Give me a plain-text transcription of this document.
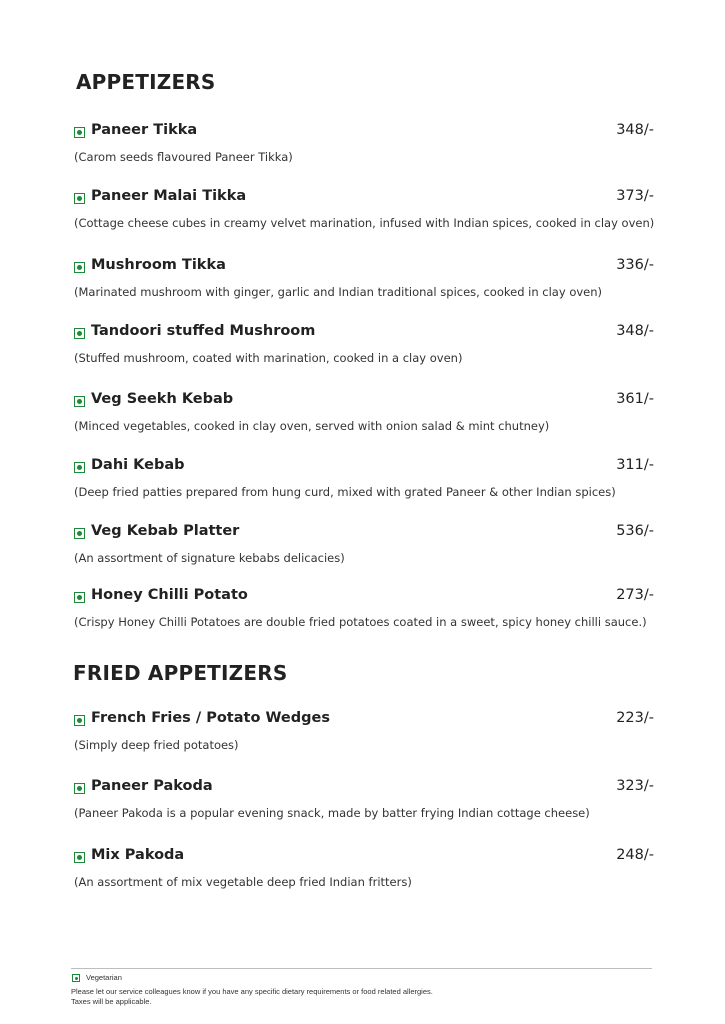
APPETIZERS
Paneer Tikka	348/-
(Carom seeds flavoured Paneer Tikka)
Paneer Malai Tikka	373/-
(Cottage cheese cubes in creamy velvet marination, infused with Indian spices, cooked in clay oven)
Mushroom Tikka	336/-
(Marinated mushroom with ginger, garlic and Indian traditional spices, cooked in clay oven)
Tandoori stuffed Mushroom	348/-
(Stuffed mushroom, coated with marination, cooked in a clay oven)
Veg Seekh Kebab	361/-
(Minced vegetables, cooked in clay oven, served with onion salad & mint chutney)
Dahi Kebab	311/-
(Deep fried patties prepared from hung curd, mixed with grated Paneer & other Indian spices)
Veg Kebab Platter	536/-
(An assortment of signature kebabs delicacies)
Honey Chilli Potato	273/-
(Crispy Honey Chilli Potatoes are double fried potatoes coated in a sweet, spicy honey chilli sauce.)
FRIED APPETIZERS
French Fries / Potato Wedges	223/-
(Simply deep fried potatoes)
Paneer Pakoda	323/-
(Paneer Pakoda is a popular evening snack, made by batter frying Indian cottage cheese)
Mix Pakoda	248/-
(An assortment of mix vegetable deep fried Indian fritters)
Vegetarian
Please let our service colleagues know if you have any specific dietary requirements or food related allergies. Taxes will be applicable.
